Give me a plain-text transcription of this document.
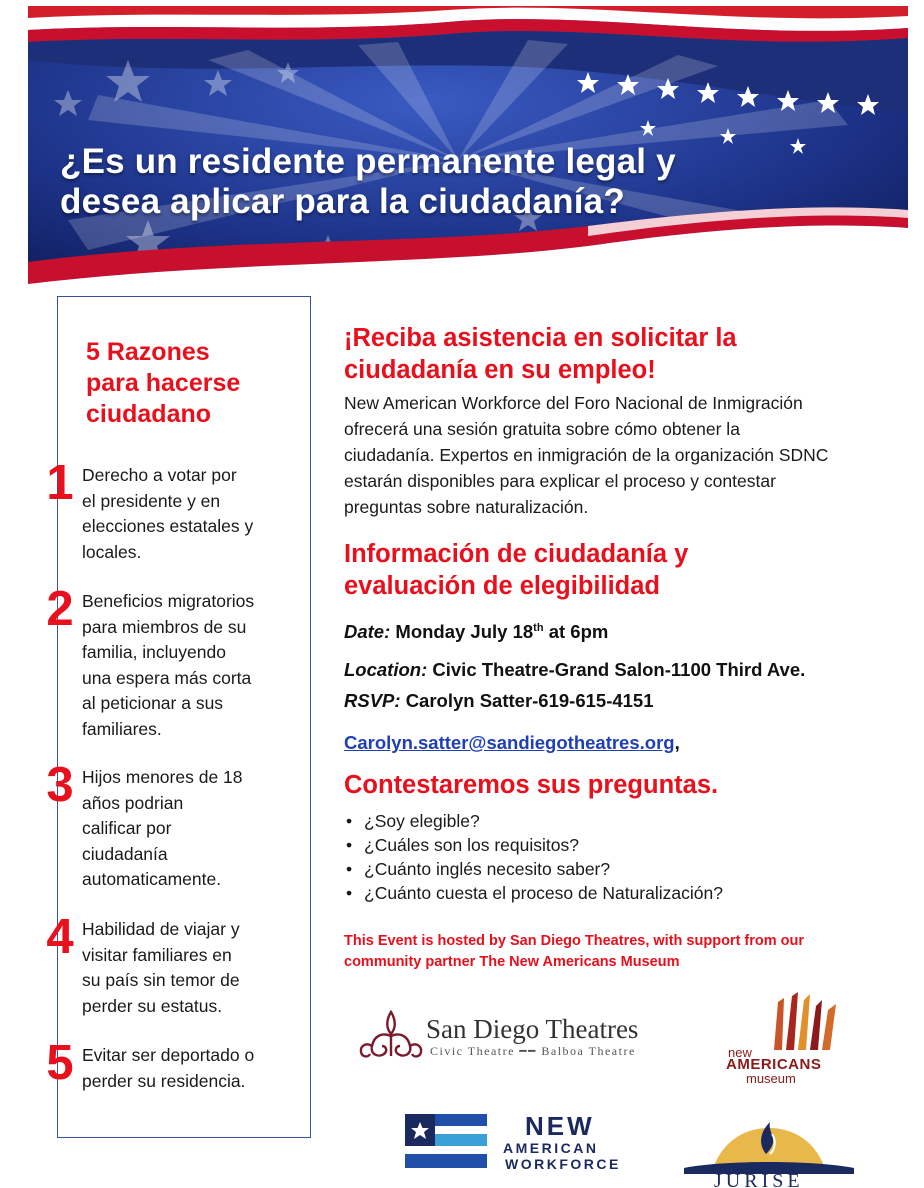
¿Es un residente permanente legal y
desea aplicar para la ciudadanía?
5 Razones
para hacerse
ciudadano
1 Derecho a votar por
el presidente y en
elecciones estatales y
locales.
2 Beneficios migratorios
para miembros de su
familia, incluyendo
una espera más corta
al peticionar a sus
familiares.
3 Hijos menores de 18
años podrian
calificar por
ciudadanía
automaticamente.
4 Habilidad de viajar y
visitar familiares en
su país sin temor de
perder su estatus.
5 Evitar ser deportado o
perder su residencia.
¡Reciba asistencia en solicitar la
ciudadanía en su empleo!
New American Workforce del Foro Nacional de Inmigración
ofrecerá una sesión gratuita sobre cómo obtener la
ciudadanía. Expertos en inmigración de la organización SDNC
estarán disponibles para explicar el proceso y contestar
preguntas sobre naturalización.
Información de ciudadanía y
evaluación de elegibilidad

Date: Monday July 18th at 6pm

Location: Civic Theatre-Grand Salon-1100 Third Ave.

RSVP: Carolyn Satter-619-615-4151

Carolyn.satter@sandiegotheatres.org,

Contestaremos sus preguntas.
• ¿Soy elegible?
• ¿Cuáles son los requisitos?
• ¿Cuánto inglés necesito saber?
• ¿Cuánto cuesta el proceso de Naturalización?
This Event is hosted by San Diego Theatres, with support from our
community partner The New Americans Museum
San Diego Theatres
Civic Theatre ━━ Balboa Theatre	new
AMERICANS
museum
NEW
AMERICAN
WORKFORCE
JURISE
